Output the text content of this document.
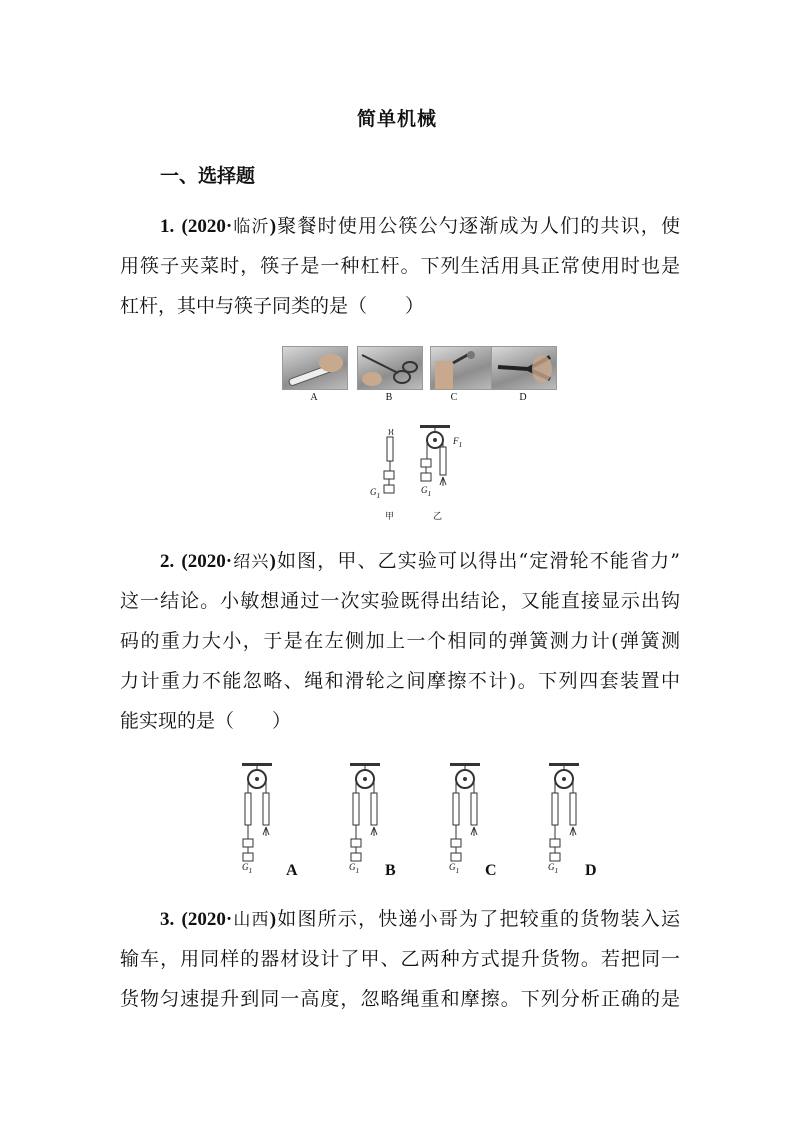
简单机械
一、选择题
1. (2020·临沂)聚餐时使用公筷公勺逐渐成为人们的共识，使
用筷子夹菜时，筷子是一种杠杆。下列生活用具正常使用时也是
杠杆，其中与筷子同类的是（　　）
A	B	C	D
$G_1$
$G_1$
$F_1$
甲	乙
2. (2020·绍兴)如图，甲、乙实验可以得出“定滑轮不能省力”
这一结论。小敏想通过一次实验既得出结论，又能直接显示出钩
码的重力大小，于是在左侧加上一个相同的弹簧测力计(弹簧测
力计重力不能忽略、绳和滑轮之间摩擦不计)。下列四套装置中
能实现的是（　　）
$G_1$ A	$G_1$ B	$G_1$ C	$G_1$ D
3. (2020·山西)如图所示，快递小哥为了把较重的货物装入运
输车，用同样的器材设计了甲、乙两种方式提升货物。若把同一
货物匀速提升到同一高度，忽略绳重和摩擦。下列分析正确的是
